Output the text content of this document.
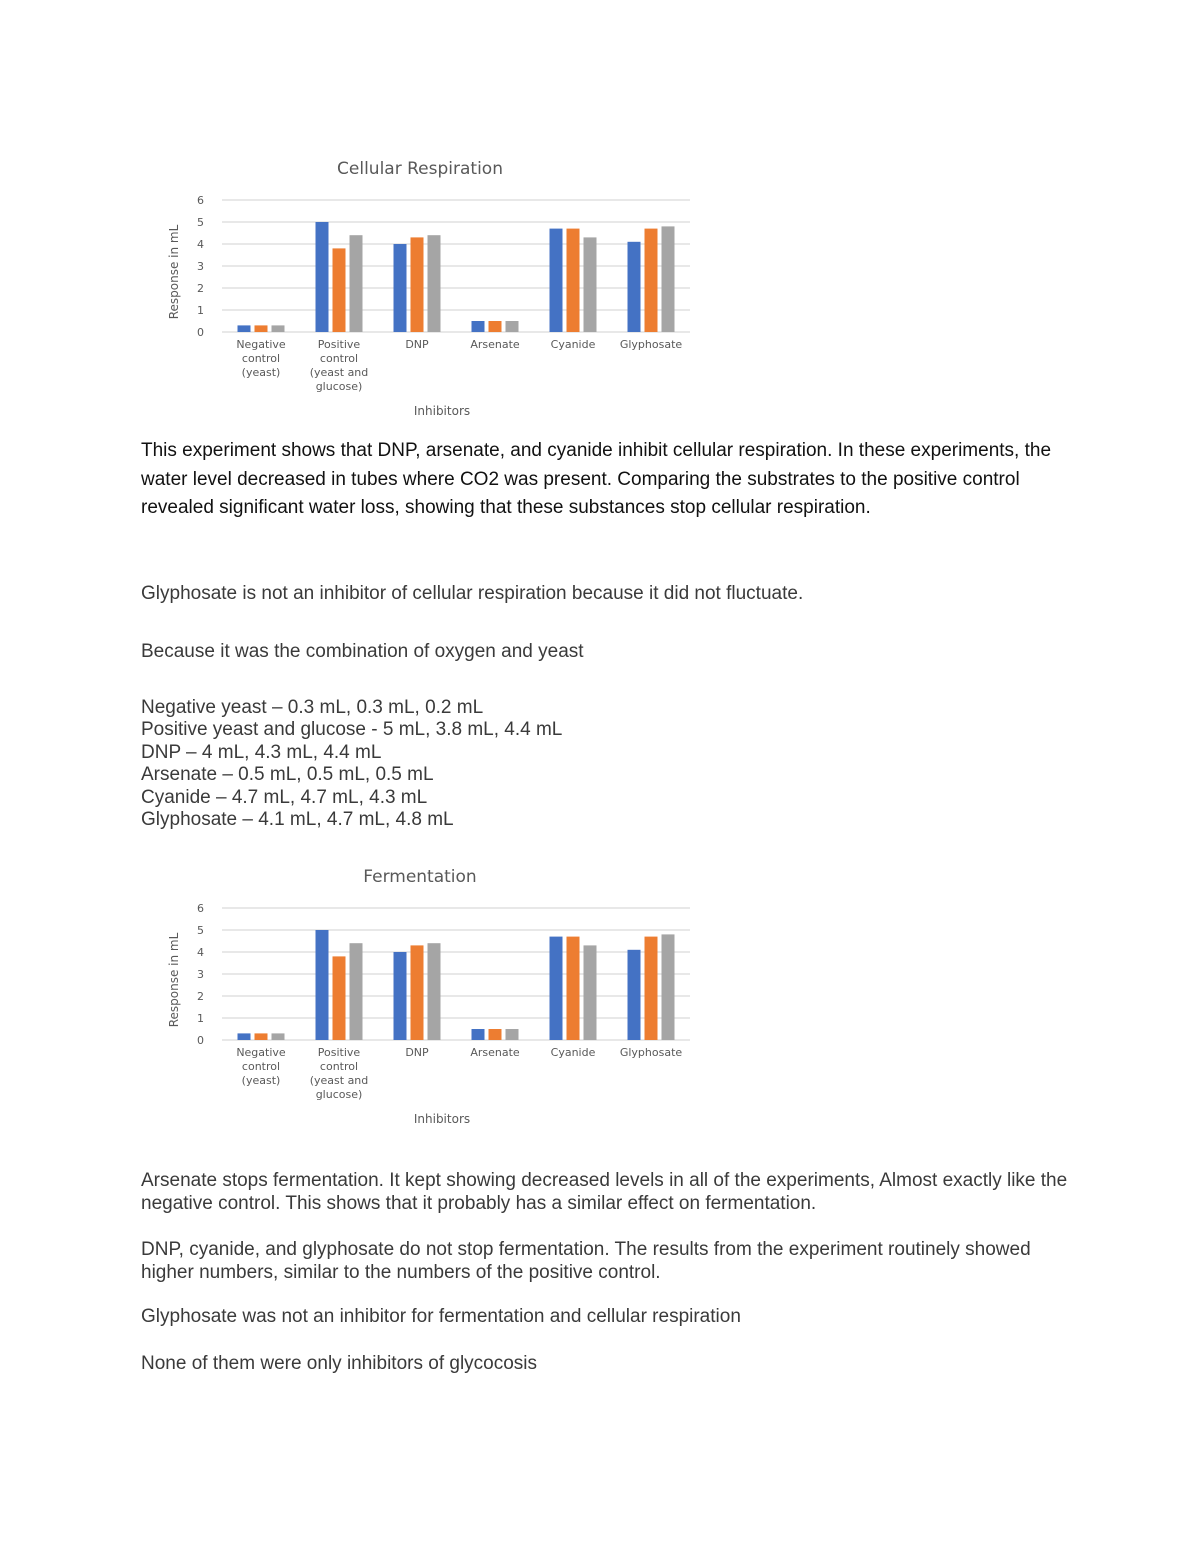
Cellular Respiration
0
1
2
3
4
5
6
Negative
control
(yeast)
Positive
control
(yeast and
glucose)
DNP	Arsenate	Cyanide Glyphosate
Inhibitors
Response in mL

This experiment shows that DNP, arsenate, and cyanide inhibit cellular respiration. In these experiments, the water level decreased in tubes where CO2 was present. Comparing the substrates to the positive control revealed significant water loss, showing that these substances stop cellular respiration.

Glyphosate is not an inhibitor of cellular respiration because it did not fluctuate.

Because it was the combination of oxygen and yeast

Negative yeast – 0.3 mL, 0.3 mL, 0.2 mL
Positive yeast and glucose - 5 mL, 3.8 mL, 4.4 mL
DNP – 4 mL, 4.3 mL, 4.4 mL
Arsenate – 0.5 mL, 0.5 mL, 0.5 mL
Cyanide – 4.7 mL, 4.7 mL, 4.3 mL
Glyphosate – 4.1 mL, 4.7 mL, 4.8 mL
Fermentation
0
1
2
3
4
5
6
Negative
control
(yeast)
Positive
control
(yeast and
glucose)
DNP	Arsenate	Cyanide Glyphosate
Inhibitors
Response in mL

Arsenate stops fermentation. It kept showing decreased levels in all of the experiments, Almost exactly like the negative control. This shows that it probably has a similar effect on fermentation.

DNP, cyanide, and glyphosate do not stop fermentation. The results from the experiment routinely showed higher numbers, similar to the numbers of the positive control.

Glyphosate was not an inhibitor for fermentation and cellular respiration

None of them were only inhibitors of glycocosis
